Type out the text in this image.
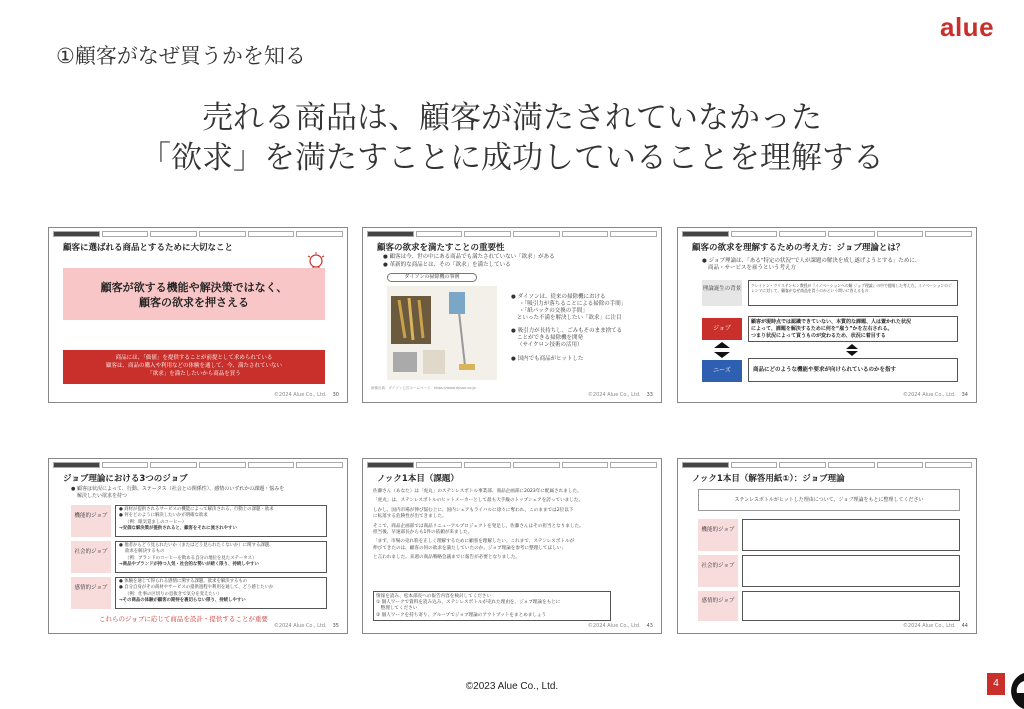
alue
①顧客がなぜ買うかを知る
売れる商品は、顧客が満たされていなかった
「欲求」を満たすことに成功していることを理解する
顧客に選ばれる商品とするために大切なこと
顧客が欲する機能や解決策ではなく、
顧客の欲求を押さえる
商品には、「価値」を提供することが前提として求められている
顧客は、商品の購入や利用などの体験を通して、今、満たされていない
「欲求」を満たしたいから商品を買う
©2024 Alue Co., Ltd. 30
顧客の欲求を満たすことの重要性
● 顧客は今、世の中にある商品でも満たされていない「欲求」がある
● 革新的な商品とは、その「欲求」を満たしている
ダイソンの掃除機の事例
● ダイソンは、従来の掃除機における
・「吸引力が落ちることによる掃除の手間」
・「紙パックの交換の手間」
といった不満を解決したい「欲求」に注目
● 吸引力が長持ちし、ごみもそのまま捨てる
ことができる掃除機を開発
（サイクロン技術の活用）
● 国内でも商品がヒットした
画像出典：ダイソン公式ホームページ　https://www.dyson.co.jp
©2024 Alue Co., Ltd. 33
顧客の欲求を理解するための考え方：ジョブ理論とは？
● ジョブ理論は、「ある“特定の状況”で人が課題の解決を成し遂げようとする」ために、
商品・サービスを雇うという考え方
理論誕生の背景
クレイトン・クリステンセン教授が『イノベーションへの解 ジョブ理論』の中で提唱した考え方。イノベーションのジレンマに対して、顧客がなぜ商品を買うのかという問いに答えるもの
ジョブ
顧客が現時点では認識できていない、本質的な課題、人は置かれた状況
によって、課題を解決するために何を“雇う”かを左右される。
つまり状況によって買うものが変わるため、状況に着目する
ニーズ	商品にどのような機能や要求が向けられているのかを指す
©2024 Alue Co., Ltd. 34
ジョブ理論における3つのジョブ
● 顧客は状況によって、行動、ステータス（社会との関係性）、感情のいずれかの課題・悩みを
解決したい欲求を持つ
機能的ジョブ
● 商材が提供されるサービスの機能によって解決される、行動上の課題・欲求
● 何をどのように解決したいかが明確な欲求
（例：眠気覚ましのコーヒー）
→安価な解決策が提供されると、顧客をそれに流されやすい
社会的ジョブ
● 他者からどう見られたいか（またはどう見られたくないか）に関する課題、
欲求を解決するもの
（例：ブランドのコーヒーを飲める自分の地位を見たステータス）
→商品やブランドが持つ人気・社会的な勢いが続く限り、持続しやすい
感情的ジョブ
● 体験を通じて得られる感情に関する課題、欲求を解決するもの
● 自分自身がその商材やサービスの提供過程や利用を通して、どう感じたいか
（例：仕事の区切りの息抜きで気分を変えたい）
→その商品の体験が顧客の期待を裏切らない限り、持続しやすい
これらのジョブに応じて商品を設計・提供することが重要
©2024 Alue Co., Ltd. 35
ノック1本目（課題）
佐藤さん（あなた）は「虎丸」のステンレスボトル事業部、商品企画部に2023年に配属されました。
「虎丸」は、ステンレスボトルのヒットメーカーとして最も大手級のトップシェアを誇っていました。
しかし、国内市場が伸び悩む上に、国内シェアもライバルに徐々に奪われ、このままでは2位以下
に転落する危険性が出てきました。
そこで、商品企画部では商品リニューアルプロジェクトを発足し、佐藤さんはその担当となりました。
担当後、早速部長からも1件の依頼が来ました。
「まず、市場の売れ筋を正しく理解するために顧客を理解したい。これまで、ステンレスボトルが
伸びてきたのは、顧客の何の欲求を満たしていたのか。ジョブ理論を参考に整理してほしい」
と言われました。来週の商品戦略会議までに報告が必要となりました。
情報を読み、松本部長への報告内容を検討してください
① 個人ワークで資料を読み込み、ステンレスボトルが売れた理由を、ジョブ理論をもとに
　整理してください
② 個人ワークを持ち寄り、グループでジョブ理論のアウトプットをまとめましょう
©2024 Alue Co., Ltd. 43
ノック1本目（解答用紙①）：ジョブ理論
ステンレスボトルがヒットした理由について、ジョブ理論をもとに整理してください
機能的ジョブ
社会的ジョブ
感情的ジョブ
©2024 Alue Co., Ltd. 44
©2023 Alue Co., Ltd.	4
